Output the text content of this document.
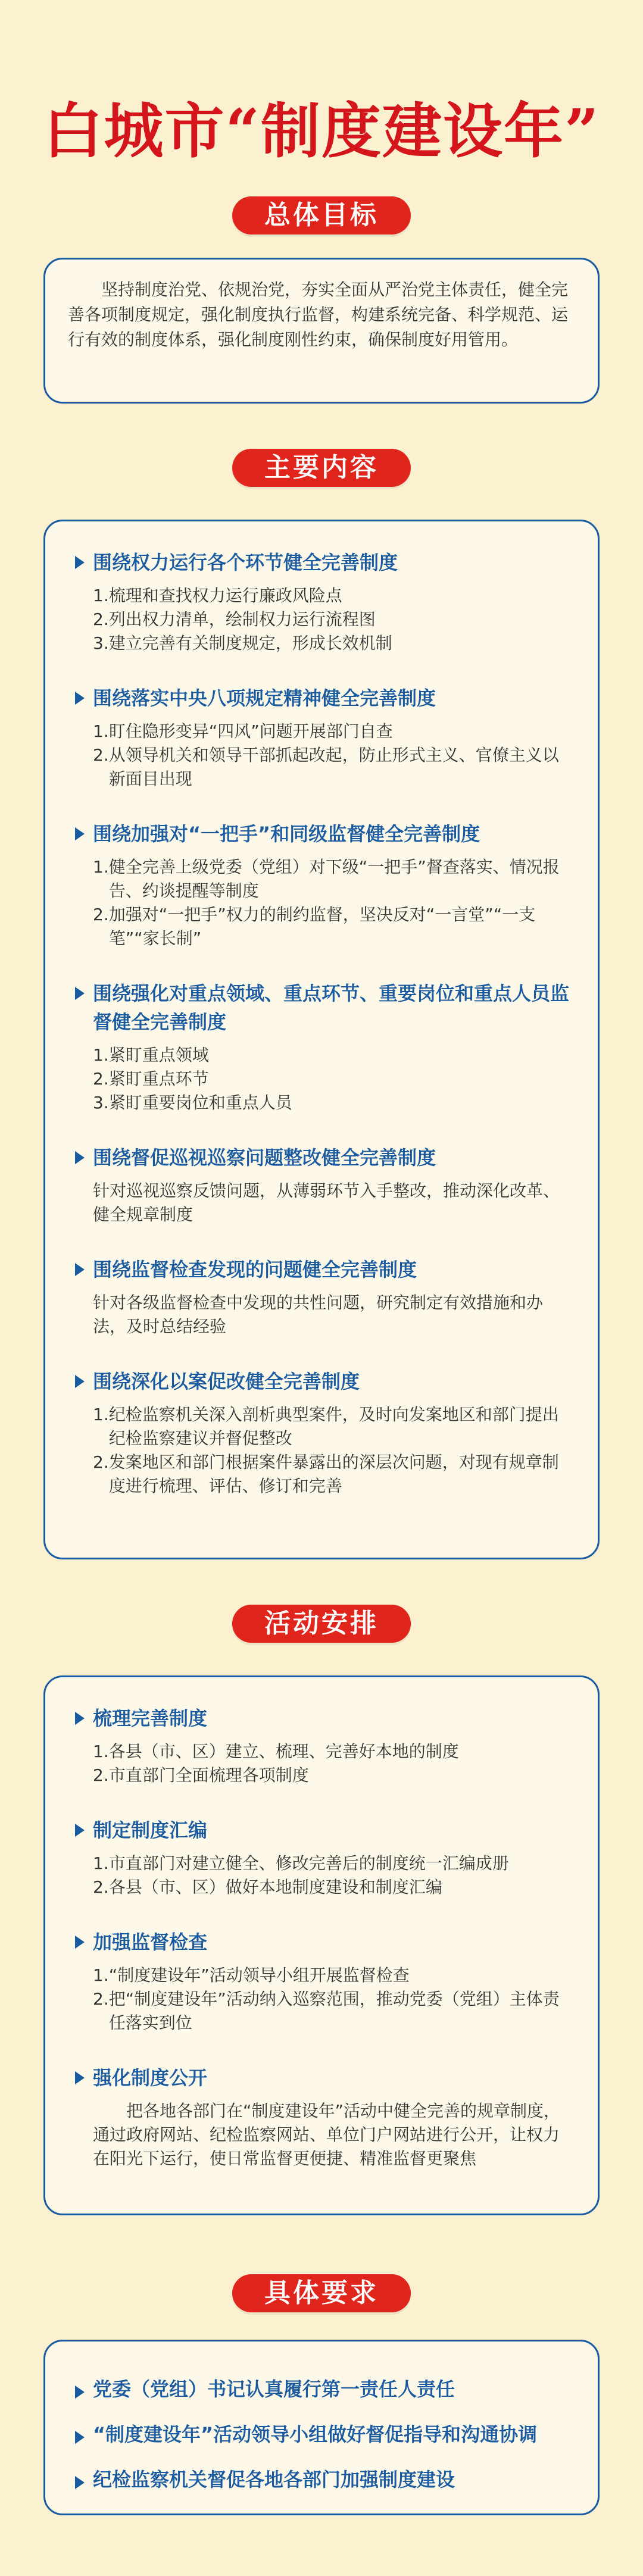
白城市“制度建设年”
总体目标
坚持制度治党、依规治党，夯实全面从严治党主体责任，健全完善各项制度规定，强化制度执行监督，构建系统完备、科学规范、运行有效的制度体系，强化制度刚性约束，确保制度好用管用。
主要内容
围绕权力运行各个环节健全完善制度
1. 梳理和查找权力运行廉政风险点
2. 列出权力清单，绘制权力运行流程图
3. 建立完善有关制度规定，形成长效机制
围绕落实中央八项规定精神健全完善制度
1. 盯住隐形变异“四风”问题开展部门自查
2. 从领导机关和领导干部抓起改起，防止形式主义、官僚主义以新面目出现
围绕加强对“一把手”和同级监督健全完善制度
1. 健全完善上级党委（党组）对下级“一把手”督查落实、情况报告、约谈提醒等制度
2. 加强对“一把手”权力的制约监督，坚决反对“一言堂”“一支笔”“家长制”
围绕强化对重点领域、重点环节、重要岗位和重点人员监督健全完善制度
1. 紧盯重点领域
2. 紧盯重点环节
3. 紧盯重要岗位和重点人员
围绕督促巡视巡察问题整改健全完善制度
针对巡视巡察反馈问题，从薄弱环节入手整改，推动深化改革、健全规章制度
围绕监督检查发现的问题健全完善制度
针对各级监督检查中发现的共性问题，研究制定有效措施和办法，及时总结经验
围绕深化以案促改健全完善制度
1. 纪检监察机关深入剖析典型案件，及时向发案地区和部门提出纪检监察建议并督促整改
2. 发案地区和部门根据案件暴露出的深层次问题，对现有规章制度进行梳理、评估、修订和完善
活动安排
梳理完善制度
1. 各县（市、区）建立、梳理、完善好本地的制度
2. 市直部门全面梳理各项制度
制定制度汇编
1. 市直部门对建立健全、修改完善后的制度统一汇编成册
2. 各县（市、区）做好本地制度建设和制度汇编
加强监督检查
1. “制度建设年”活动领导小组开展监督检查
2. 把“制度建设年”活动纳入巡察范围，推动党委（党组）主体责任落实到位
强化制度公开
把各地各部门在“制度建设年”活动中健全完善的规章制度，通过政府网站、纪检监察网站、单位门户网站进行公开，让权力在阳光下运行，使日常监督更便捷、精准监督更聚焦
具体要求
党委（党组）书记认真履行第一责任人责任
“制度建设年”活动领导小组做好督促指导和沟通协调
纪检监察机关督促各地各部门加强制度建设
